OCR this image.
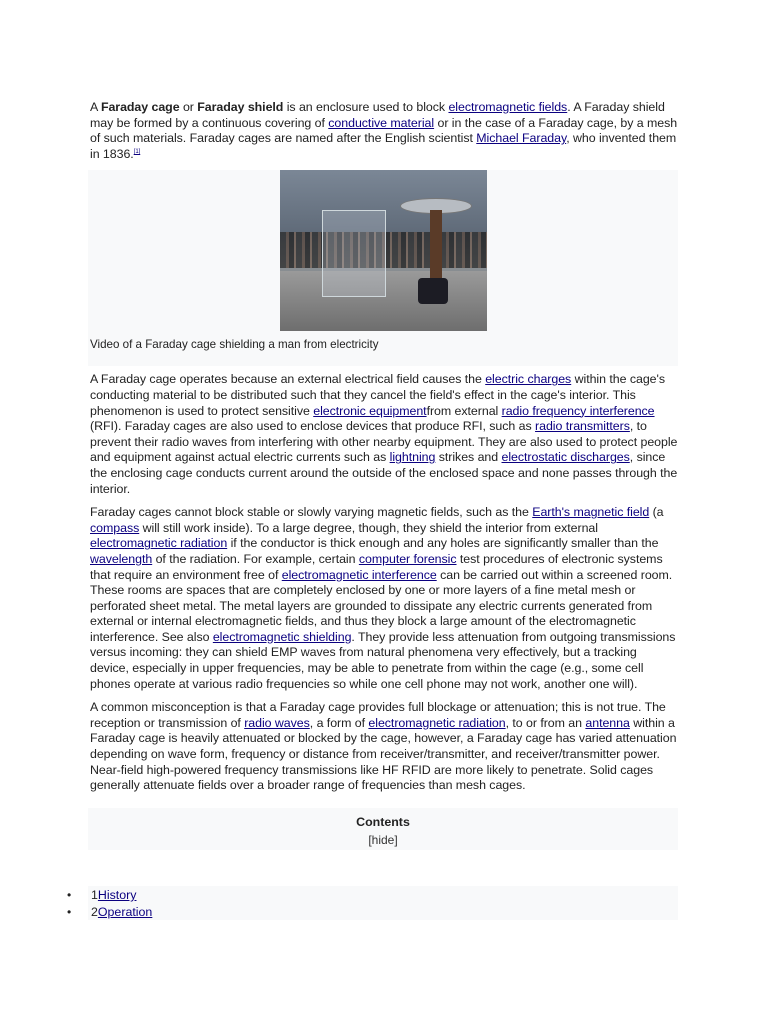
A Faraday cage or Faraday shield is an enclosure used to block electromagnetic fields. A Faraday shield may be formed by a continuous covering of conductive material or in the case of a Faraday cage, by a mesh of such materials. Faraday cages are named after the English scientist Michael Faraday, who invented them in 1836.[1]

Video of a Faraday cage shielding a man from electricity

A Faraday cage operates because an external electrical field causes the electric charges within the cage's conducting material to be distributed such that they cancel the field's effect in the cage's interior. This phenomenon is used to protect sensitive electronic equipmentfrom external radio frequency interference (RFI). Faraday cages are also used to enclose devices that produce RFI, such as radio transmitters, to prevent their radio waves from interfering with other nearby equipment. They are also used to protect people and equipment against actual electric currents such as lightning strikes and electrostatic discharges, since the enclosing cage conducts current around the outside of the enclosed space and none passes through the interior.

Faraday cages cannot block stable or slowly varying magnetic fields, such as the Earth's magnetic field (a compass will still work inside). To a large degree, though, they shield the interior from external electromagnetic radiation if the conductor is thick enough and any holes are significantly smaller than the wavelength of the radiation. For example, certain computer forensic test procedures of electronic systems that require an environment free of electromagnetic interference can be carried out within a screened room. These rooms are spaces that are completely enclosed by one or more layers of a fine metal mesh or perforated sheet metal. The metal layers are grounded to dissipate any electric currents generated from external or internal electromagnetic fields, and thus they block a large amount of the electromagnetic interference. See also electromagnetic shielding. They provide less attenuation from outgoing transmissions versus incoming: they can shield EMP waves from natural phenomena very effectively, but a tracking device, especially in upper frequencies, may be able to penetrate from within the cage (e.g., some cell phones operate at various radio frequencies so while one cell phone may not work, another one will).

A common misconception is that a Faraday cage provides full blockage or attenuation; this is not true. The reception or transmission of radio waves, a form of electromagnetic radiation, to or from an antenna within a Faraday cage is heavily attenuated or blocked by the cage, however, a Faraday cage has varied attenuation depending on wave form, frequency or distance from receiver/transmitter, and receiver/transmitter power. Near-field high-powered frequency transmissions like HF RFID are more likely to penetrate. Solid cages generally attenuate fields over a broader range of frequencies than mesh cages.

Contents
[hide]
• 1History
• 2Operation
